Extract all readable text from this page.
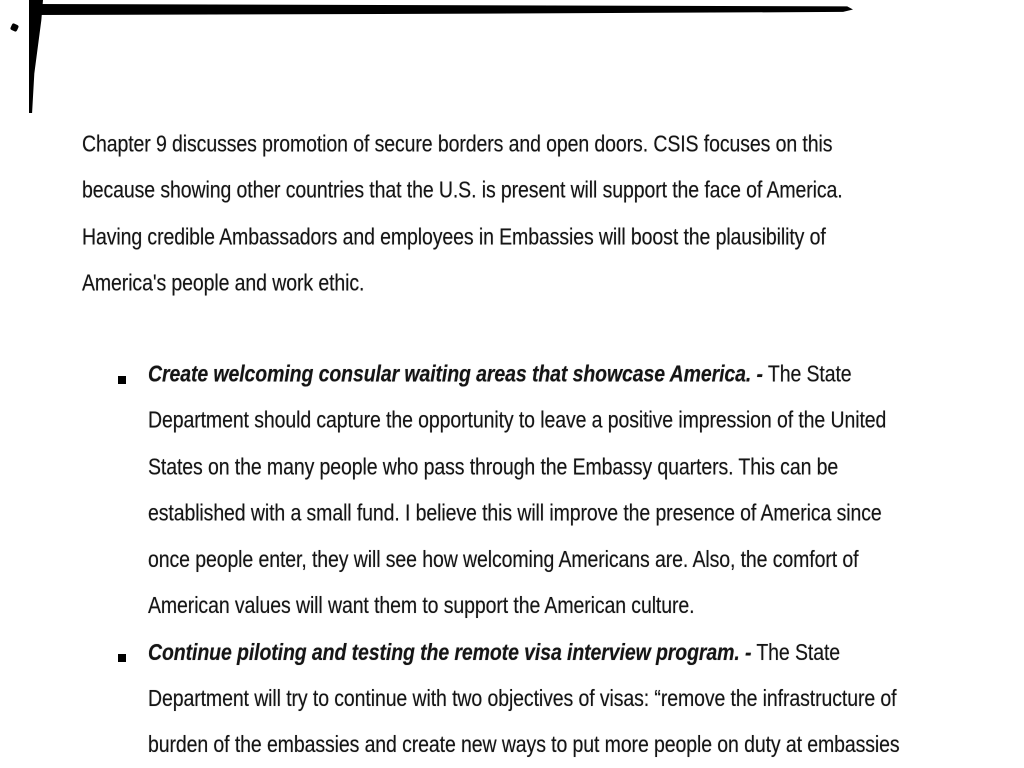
Chapter 9 discusses promotion of secure borders and open doors. CSIS focuses on this
because showing other countries that the U.S. is present will support the face of America.
Having credible Ambassadors and employees in Embassies will boost the plausibility of
America's people and work ethic.
Create welcoming consular waiting areas that showcase America. - The State
Department should capture the opportunity to leave a positive impression of the United
States on the many people who pass through the Embassy quarters. This can be
established with a small fund. I believe this will improve the presence of America since
once people enter, they will see how welcoming Americans are. Also, the comfort of
American values will want them to support the American culture.
Continue piloting and testing the remote visa interview program. - The State
Department will try to continue with two objectives of visas: “remove the infrastructure of
burden of the embassies and create new ways to put more people on duty at embassies
